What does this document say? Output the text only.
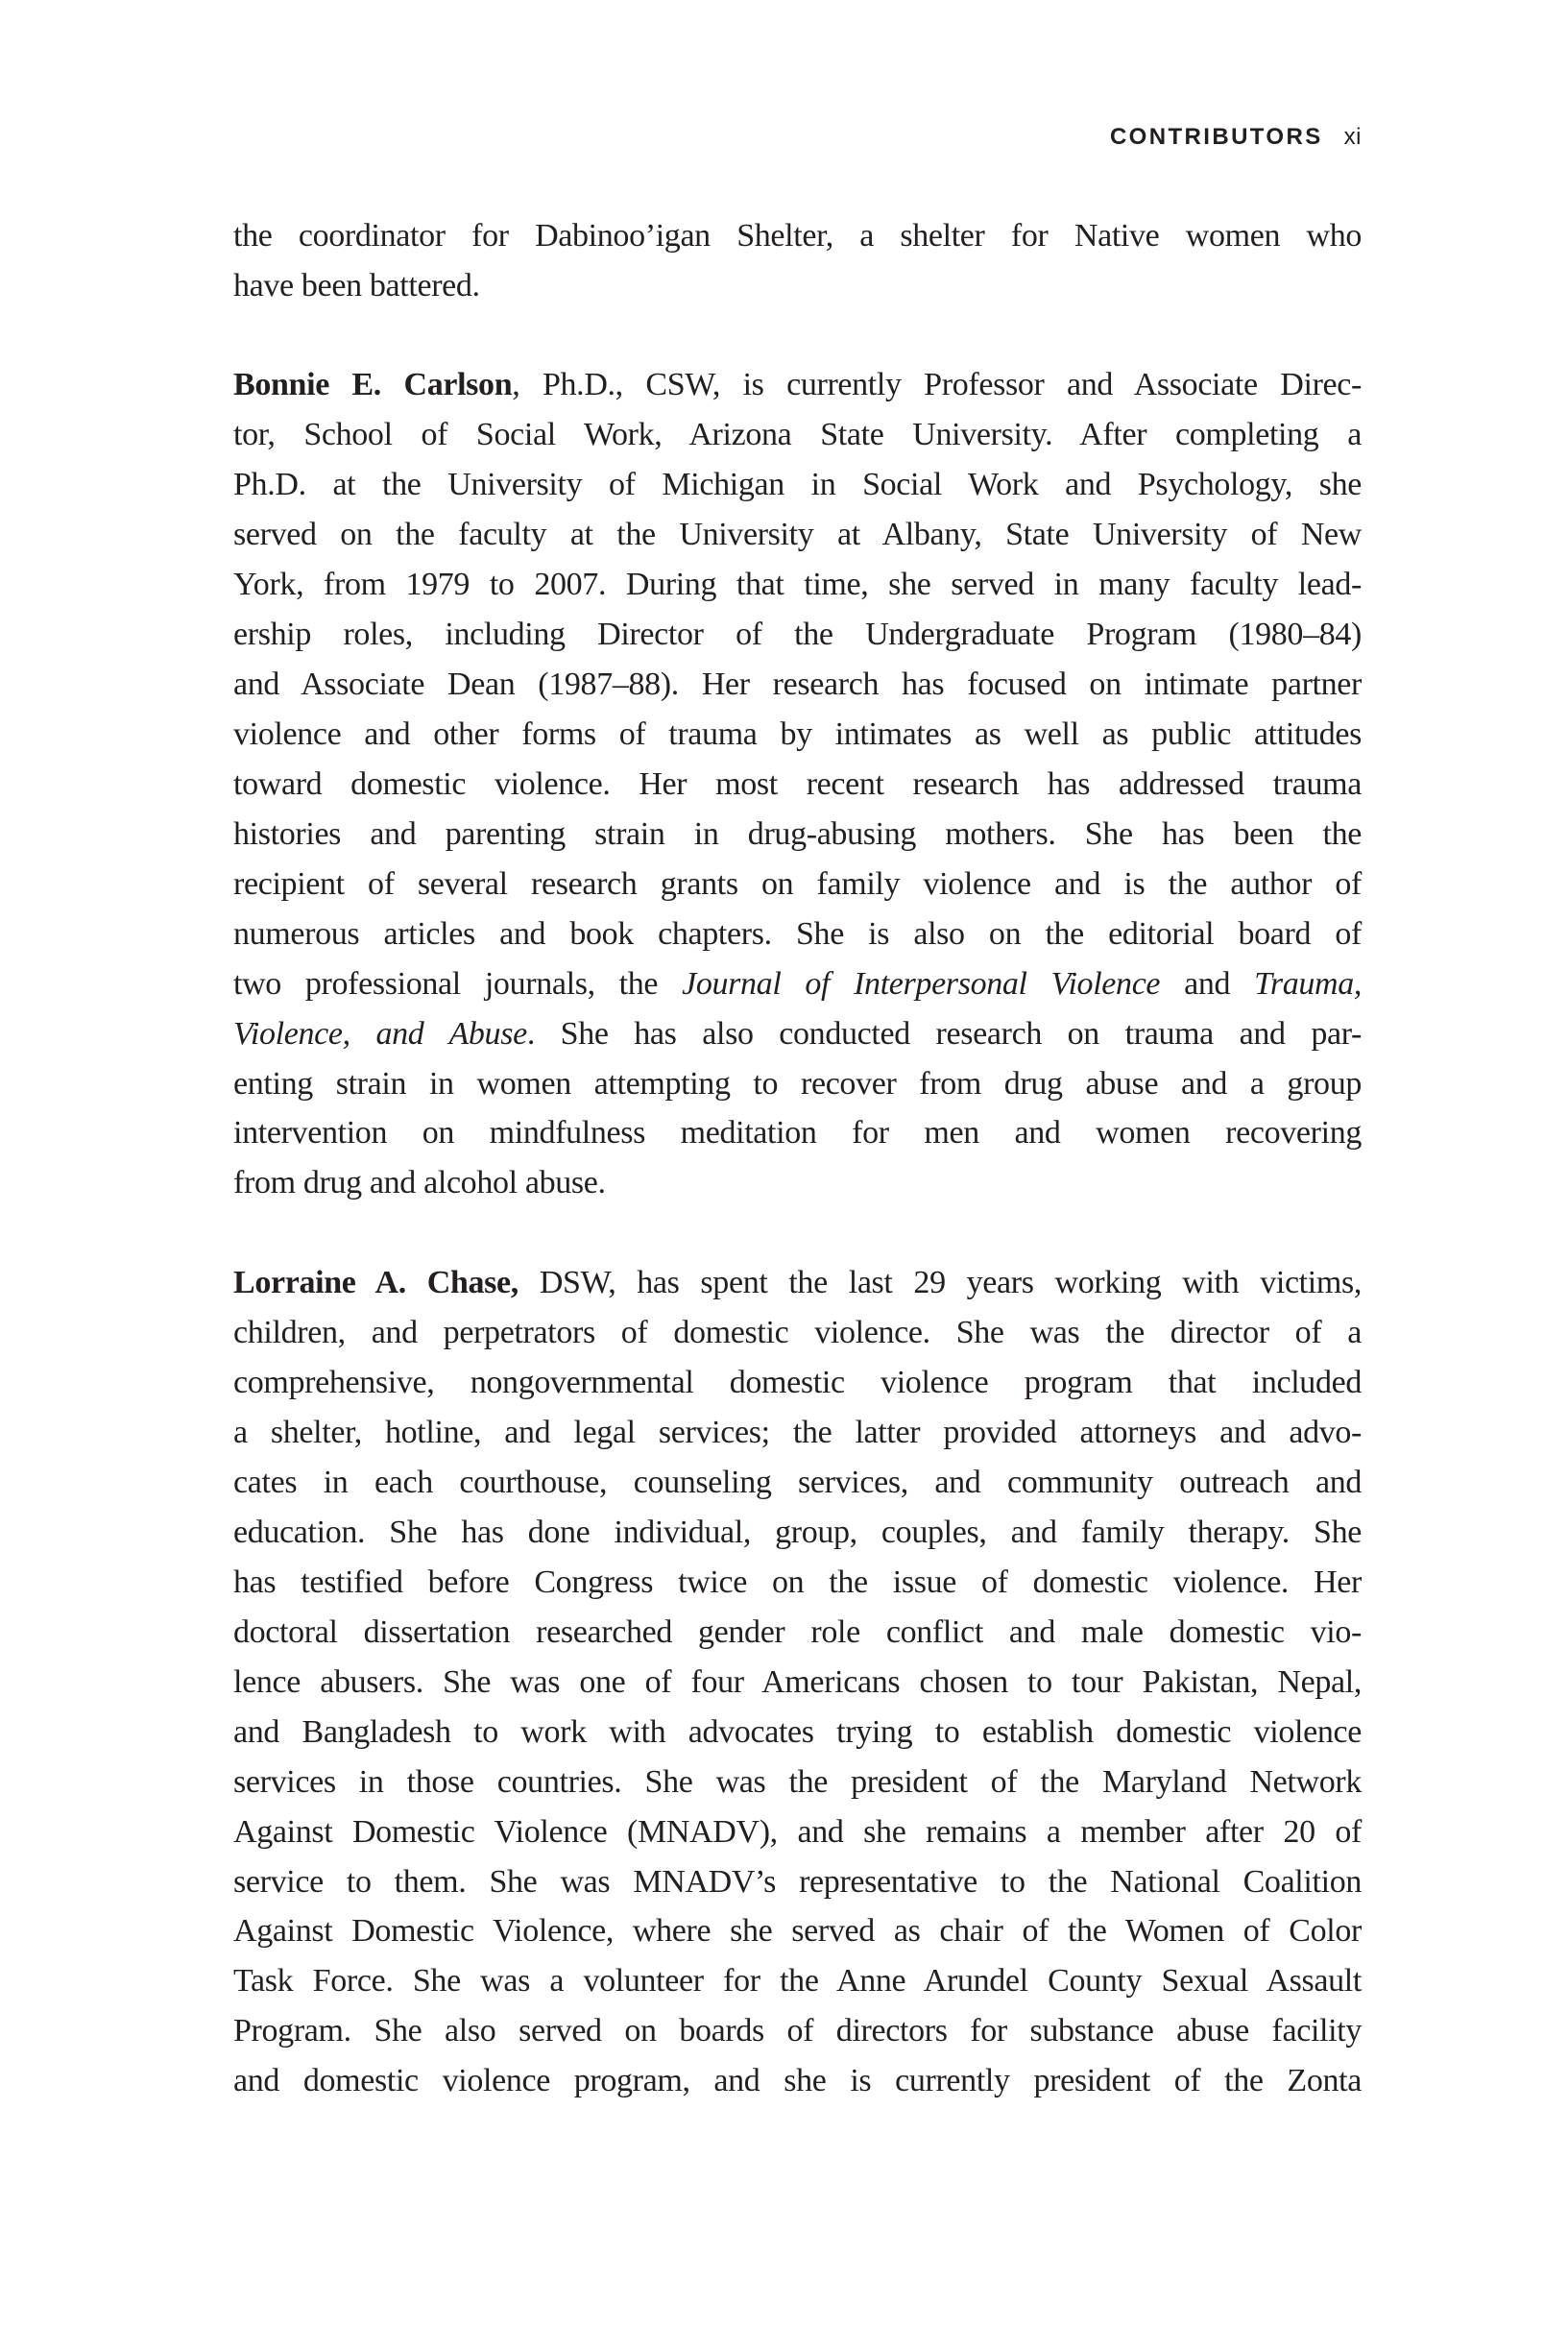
CONTRIBUTORS xi
the coordinator for Dabinoo’igan Shelter, a shelter for Native women who
have been battered.
Bonnie E. Carlson, Ph.D., CSW, is currently Professor and Associate Direc-
tor, School of Social Work, Arizona State University. After completing a
Ph.D. at the University of Michigan in Social Work and Psychology, she
served on the faculty at the University at Albany, State University of New
York, from 1979 to 2007. During that time, she served in many faculty lead-
ership roles, including Director of the Undergraduate Program (1980–84)
and Associate Dean (1987–88). Her research has focused on intimate partner
violence and other forms of trauma by intimates as well as public attitudes
toward domestic violence. Her most recent research has addressed trauma
histories and parenting strain in drug-abusing mothers. She has been the
recipient of several research grants on family violence and is the author of
numerous articles and book chapters. She is also on the editorial board of
two professional journals, the Journal of Interpersonal Violence and Trauma,
Violence, and Abuse. She has also conducted research on trauma and par-
enting strain in women attempting to recover from drug abuse and a group
intervention on mindfulness meditation for men and women recovering
from drug and alcohol abuse.
Lorraine A. Chase, DSW, has spent the last 29 years working with victims,
children, and perpetrators of domestic violence. She was the director of a
comprehensive, nongovernmental domestic violence program that included
a shelter, hotline, and legal services; the latter provided attorneys and advo-
cates in each courthouse, counseling services, and community outreach and
education. She has done individual, group, couples, and family therapy. She
has testified before Congress twice on the issue of domestic violence. Her
doctoral dissertation researched gender role conflict and male domestic vio-
lence abusers. She was one of four Americans chosen to tour Pakistan, Nepal,
and Bangladesh to work with advocates trying to establish domestic violence
services in those countries. She was the president of the Maryland Network
Against Domestic Violence (MNADV), and she remains a member after 20 of
service to them. She was MNADV’s representative to the National Coalition
Against Domestic Violence, where she served as chair of the Women of Color
Task Force. She was a volunteer for the Anne Arundel County Sexual Assault
Program. She also served on boards of directors for substance abuse facility
and domestic violence program, and she is currently president of the Zonta
